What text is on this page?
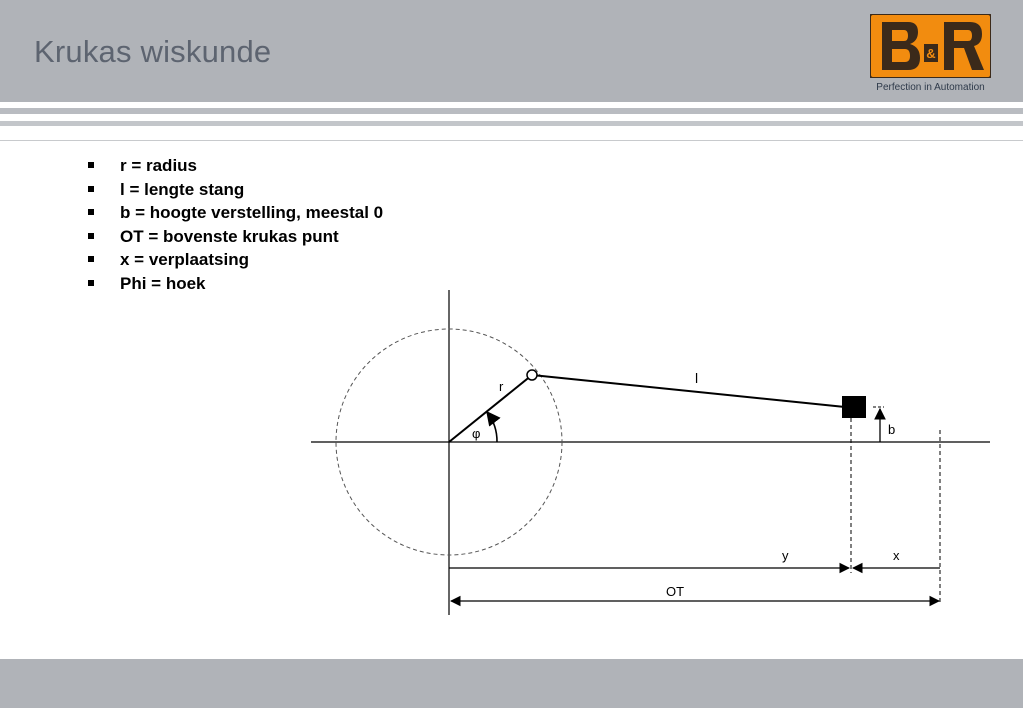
Krukas wiskunde	&
Perfection in Automation
r = radius
l = lengte stang
b = hoogte verstelling, meestal 0
OT = bovenste krukas punt
x = verplaatsing
Phi = hoek
r
l
φ	b
y	x
OT
